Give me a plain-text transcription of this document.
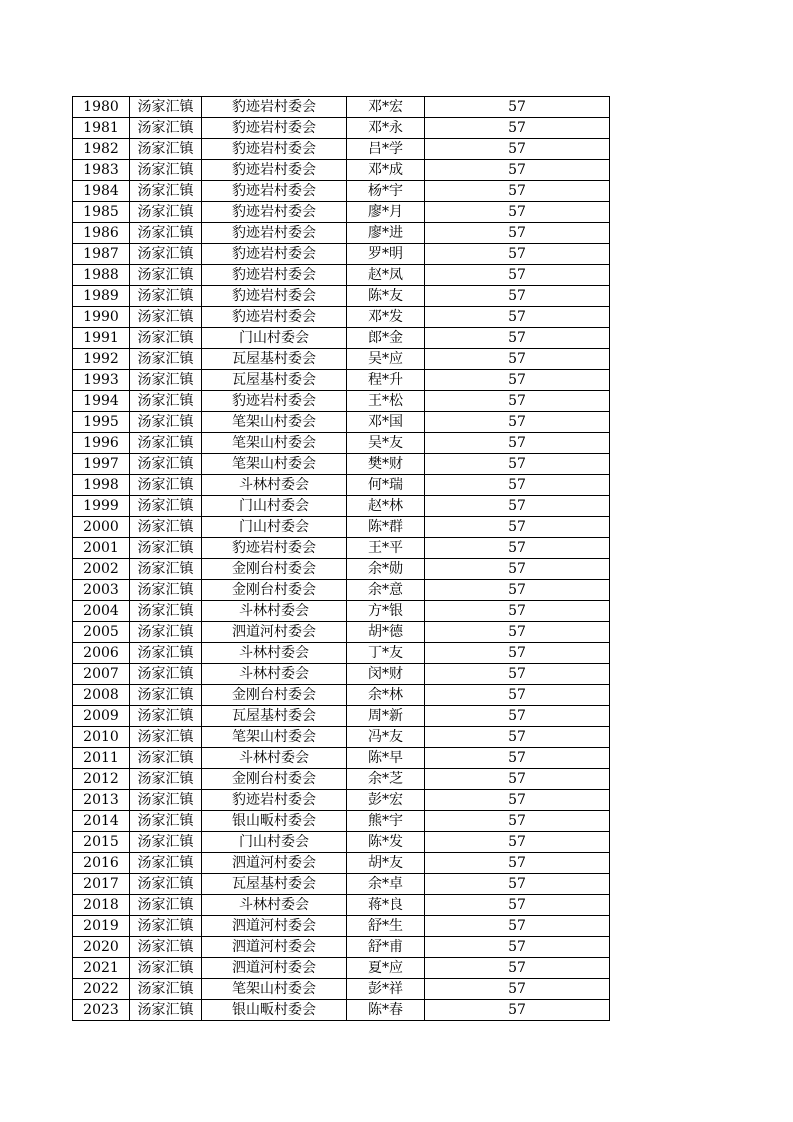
1980	汤家汇镇	豹迹岩村委会	邓*宏	57
1981	汤家汇镇	豹迹岩村委会	邓*永	57
1982	汤家汇镇	豹迹岩村委会	吕*学	57
1983	汤家汇镇	豹迹岩村委会	邓*成	57
1984	汤家汇镇	豹迹岩村委会	杨*宇	57
1985	汤家汇镇	豹迹岩村委会	廖*月	57
1986	汤家汇镇	豹迹岩村委会	廖*进	57
1987	汤家汇镇	豹迹岩村委会	罗*明	57
1988	汤家汇镇	豹迹岩村委会	赵*凤	57
1989	汤家汇镇	豹迹岩村委会	陈*友	57
1990	汤家汇镇	豹迹岩村委会	邓*发	57
1991	汤家汇镇	门山村委会	郎*金	57
1992	汤家汇镇	瓦屋基村委会	吴*应	57
1993	汤家汇镇	瓦屋基村委会	程*升	57
1994	汤家汇镇	豹迹岩村委会	王*松	57
1995	汤家汇镇	笔架山村委会	邓*国	57
1996	汤家汇镇	笔架山村委会	吴*友	57
1997	汤家汇镇	笔架山村委会	樊*财	57
1998	汤家汇镇	斗林村委会	何*瑞	57
1999	汤家汇镇	门山村委会	赵*林	57
2000	汤家汇镇	门山村委会	陈*群	57
2001	汤家汇镇	豹迹岩村委会	王*平	57
2002	汤家汇镇	金刚台村委会	余*勋	57
2003	汤家汇镇	金刚台村委会	余*意	57
2004	汤家汇镇	斗林村委会	方*银	57
2005	汤家汇镇	泗道河村委会	胡*德	57
2006	汤家汇镇	斗林村委会	丁*友	57
2007	汤家汇镇	斗林村委会	闵*财	57
2008	汤家汇镇	金刚台村委会	余*林	57
2009	汤家汇镇	瓦屋基村委会	周*新	57
2010	汤家汇镇	笔架山村委会	冯*友	57
2011	汤家汇镇	斗林村委会	陈*早	57
2012	汤家汇镇	金刚台村委会	余*芝	57
2013	汤家汇镇	豹迹岩村委会	彭*宏	57
2014	汤家汇镇	银山畈村委会	熊*宇	57
2015	汤家汇镇	门山村委会	陈*发	57
2016	汤家汇镇	泗道河村委会	胡*友	57
2017	汤家汇镇	瓦屋基村委会	余*卓	57
2018	汤家汇镇	斗林村委会	蒋*良	57
2019	汤家汇镇	泗道河村委会	舒*生	57
2020	汤家汇镇	泗道河村委会	舒*甫	57
2021	汤家汇镇	泗道河村委会	夏*应	57
2022	汤家汇镇	笔架山村委会	彭*祥	57
2023	汤家汇镇	银山畈村委会	陈*春	57
